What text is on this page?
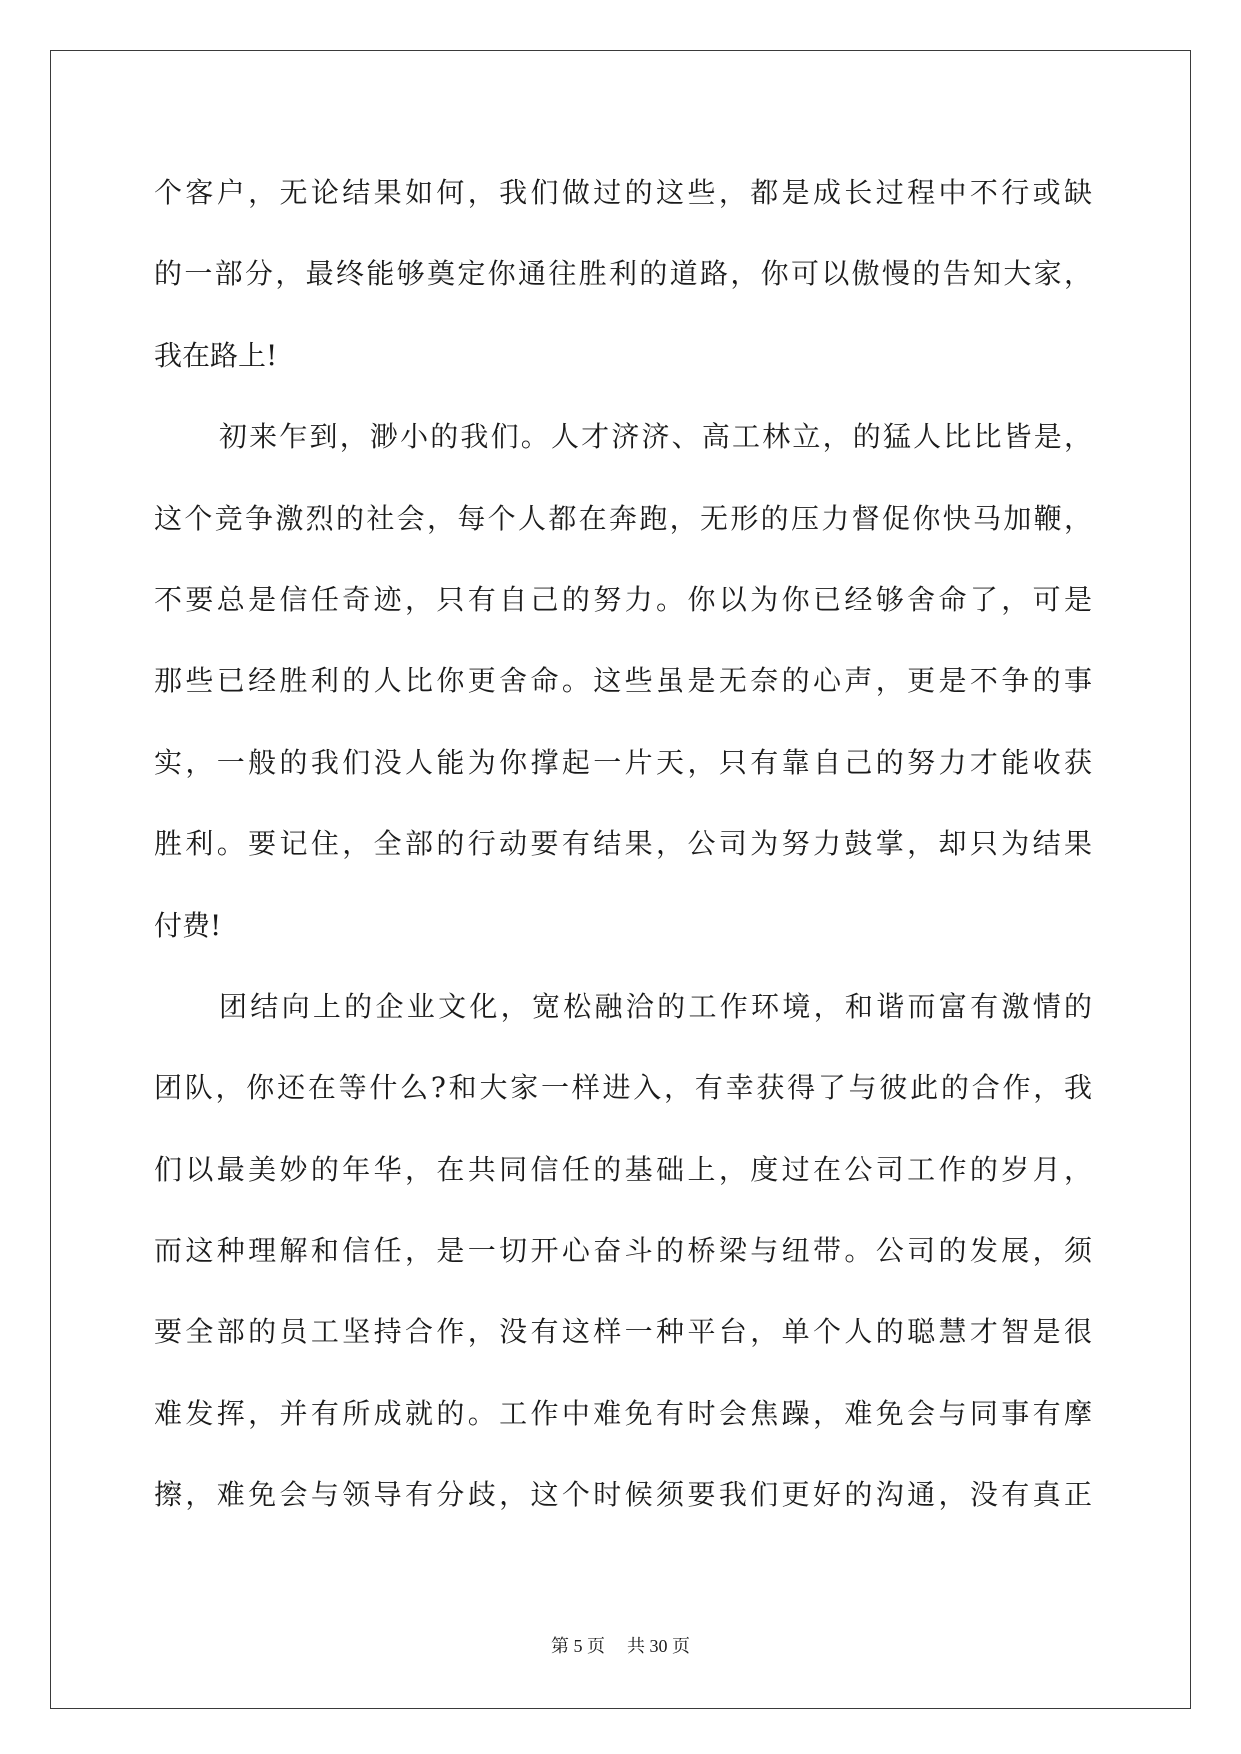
个客户，无论结果如何，我们做过的这些，都是成长过程中不行或缺
的一部分，最终能够奠定你通往胜利的道路，你可以傲慢的告知大家，
我在路上!
初来乍到，渺小的我们。人才济济、高工林立，的猛人比比皆是，
这个竞争激烈的社会，每个人都在奔跑，无形的压力督促你快马加鞭，
不要总是信任奇迹，只有自己的努力。你以为你已经够舍命了，可是
那些已经胜利的人比你更舍命。这些虽是无奈的心声，更是不争的事
实，一般的我们没人能为你撑起一片天，只有靠自己的努力才能收获
胜利。要记住，全部的行动要有结果，公司为努力鼓掌，却只为结果
付费!
团结向上的企业文化，宽松融洽的工作环境，和谐而富有激情的
团队，你还在等什么?和大家一样进入，有幸获得了与彼此的合作，我
们以最美妙的年华，在共同信任的基础上，度过在公司工作的岁月，
而这种理解和信任，是一切开心奋斗的桥梁与纽带。公司的发展，须
要全部的员工坚持合作，没有这样一种平台，单个人的聪慧才智是很
难发挥，并有所成就的。工作中难免有时会焦躁，难免会与同事有摩
擦，难免会与领导有分歧，这个时候须要我们更好的沟通，没有真正
第 5 页 共 30 页
